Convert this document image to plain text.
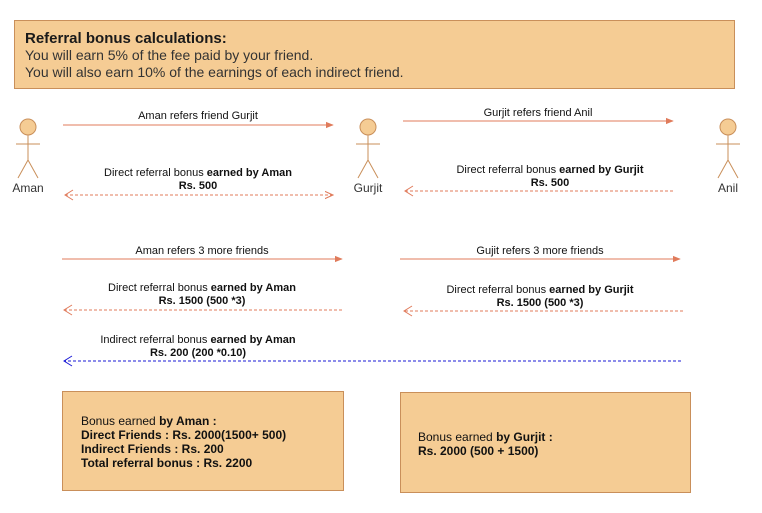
Referral bonus calculations:
You will earn 5% of the fee paid by your friend.
You will also earn 10% of the earnings of each indirect friend.
Aman	Gurjit	Anil
Aman refers friend Gurjit	Gurjit refers friend Anil
Direct referral bonus earned by Aman
Rs. 500
Direct referral bonus earned by Gurjit
Rs. 500
Aman refers 3 more friends	Gujit refers 3 more friends
Direct referral bonus earned by Aman
Rs. 1500 (500 *3)
Direct referral bonus earned by Gurjit
Rs. 1500 (500 *3)
Indirect referral bonus earned by Aman
Rs. 200 (200 *0.10)
Bonus earned by Aman :
Direct Friends : Rs. 2000(1500+ 500)
Indirect Friends : Rs. 200
Total referral bonus : Rs. 2200
Bonus earned by Gurjit :
Rs. 2000 (500 + 1500)
